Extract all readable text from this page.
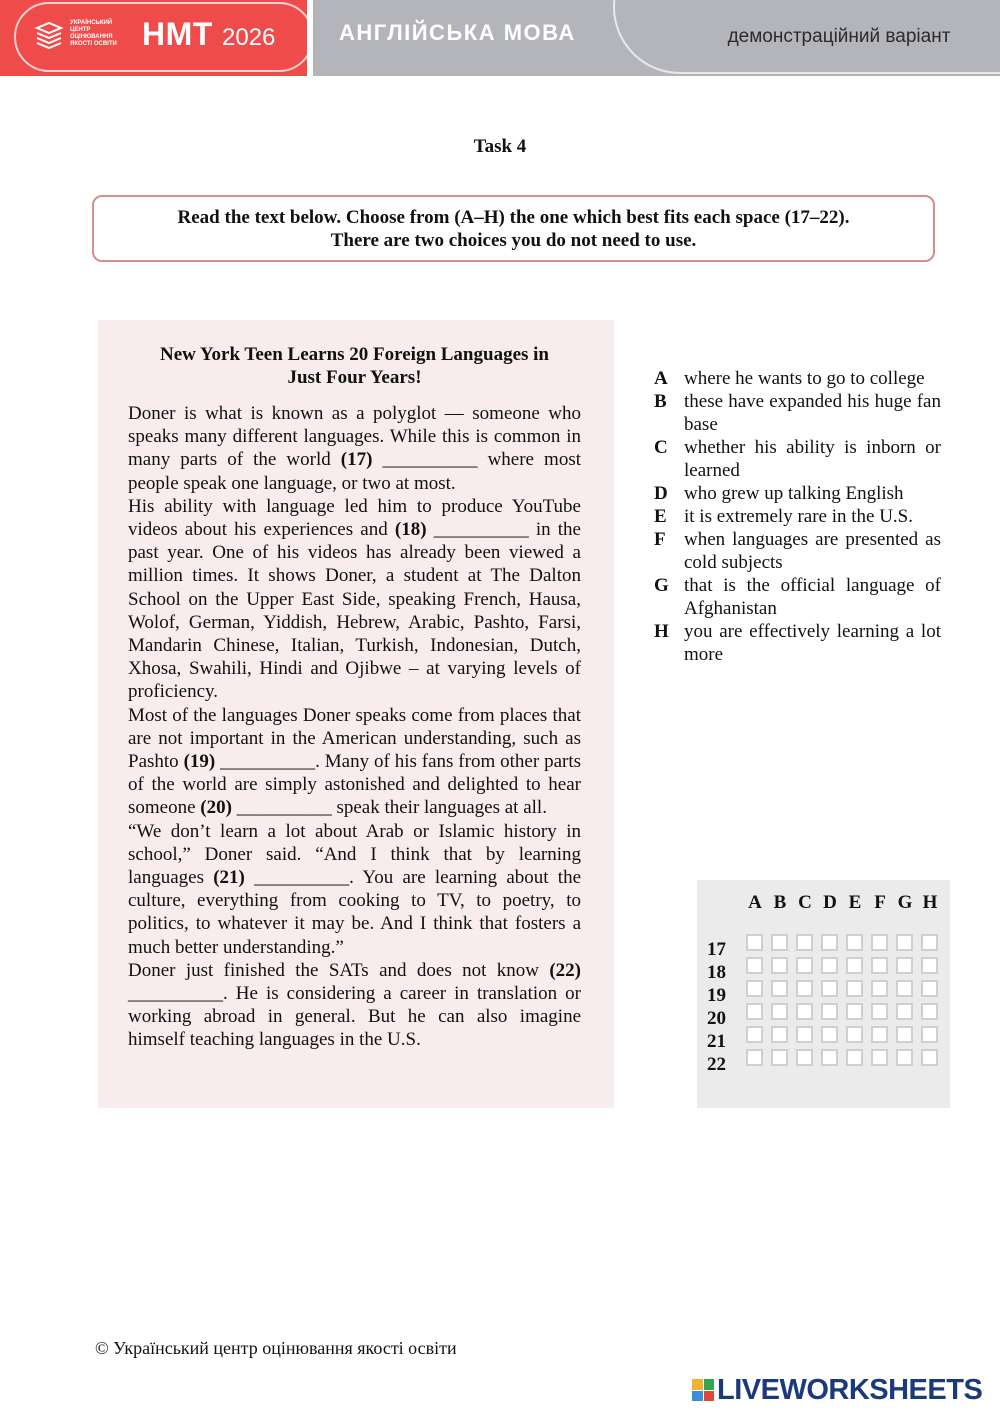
УКРАЇНСЬКИЙ
ЦЕНТР
ОЦІНЮВАННЯ
ЯКОСТІ ОСВІТИ НМТ 2026	АНГЛІЙСЬКА МОВА	демонстраційний варіант
Task 4
Read the text below. Choose from (A–H) the one which best fits each space (17–22).
There are two choices you do not need to use.
New York Teen Learns 20 Foreign Languages in
Just Four Years!

Doner is what is known as a polyglot — someone who speaks many different languages. While this is common in many parts of the world (17) __________ where most people speak one language, or two at most.

His ability with language led him to produce YouTube videos about his experiences and (18) __________ in the past year. One of his videos has already been viewed a million times. It shows Doner, a student at The Dalton School on the Upper East Side, speaking French, Hausa, Wolof, German, Yiddish, Hebrew, Arabic, Pashto, Farsi, Mandarin Chinese, Italian, Turkish, Indonesian, Dutch, Xhosa, Swahili, Hindi and Ojibwe – at varying levels of proficiency.

Most of the languages Doner speaks come from places that are not important in the American understanding, such as Pashto (19) __________. Many of his fans from other parts of the world are simply astonished and delighted to hear someone (20) __________ speak their languages at all.

“We don’t learn a lot about Arab or Islamic history in school,” Doner said. “And I think that by learning languages (21) __________. You are learning about the culture, everything from cooking to TV, to poetry, to politics, to whatever it may be. And I think that fosters a much better understanding.”

Doner just finished the SATs and does not know (22) __________. He is considering a career in translation or working abroad in general. But he can also imagine himself teaching languages in the U.S.

A where he wants to go to college
B these have expanded his huge fan base
C whether his ability is inborn or learned
D who grew up talking English
E it is extremely rare in the U.S.
F when languages are presented as cold subjects
G that is the official language of Afghanistan
H you are effectively learning a lot more
A B C D E F G H
17
18
19
20
21
22
© Український центр оцінювання якості освіти
LIVEWORKSHEETS
